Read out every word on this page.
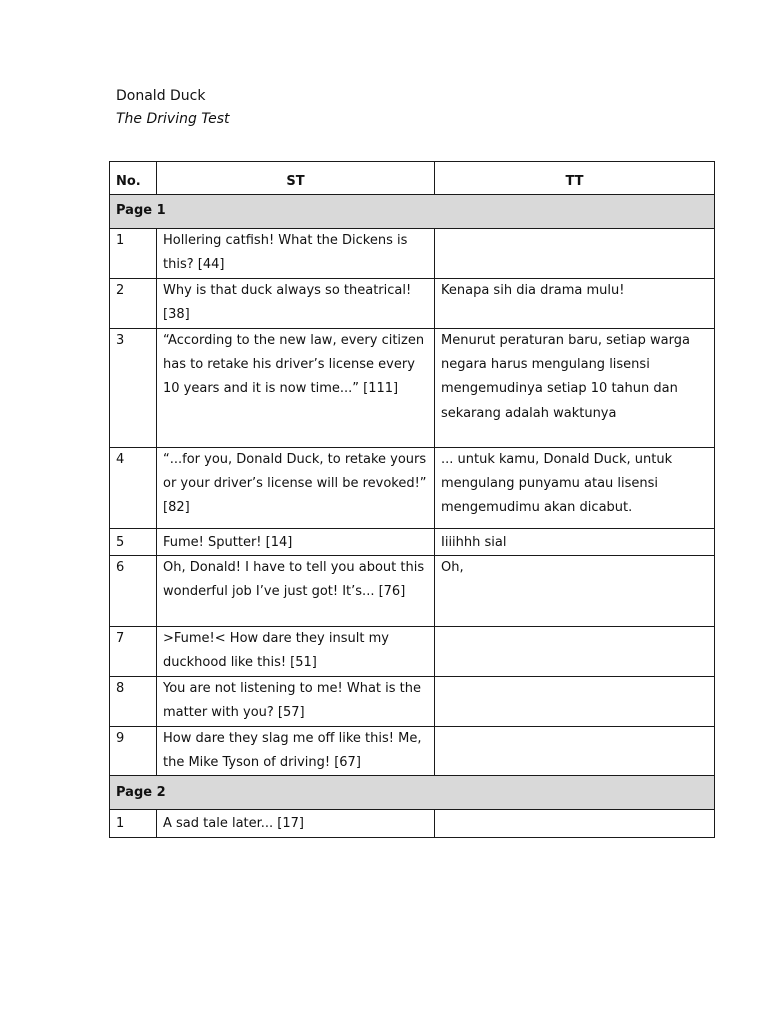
Donald Duck

The Driving Test

No.	ST	TT
Page 1		
1	Hollering catfish! What the Dickens is this? [44]	
2	Why is that duck always so theatrical! [38]	Kenapa sih dia drama mulu!
3	“According to the new law, every citizen has to retake his driver’s license every 10 years and it is now time...” [111]	Menurut peraturan baru, setiap warga negara harus mengulang lisensi mengemudinya setiap 10 tahun dan sekarang adalah waktunya
4	“...for you, Donald Duck, to retake yours or your driver’s license will be revoked!” [82]	... untuk kamu, Donald Duck, untuk mengulang punyamu atau lisensi mengemudimu akan dicabut.
5	Fume! Sputter! [14]	Iiiihhh sial
6	Oh, Donald! I have to tell you about this wonderful job I’ve just got! It’s... [76]	Oh,
7	>Fume!< How dare they insult my duckhood like this! [51]	
8	You are not listening to me! What is the matter with you? [57]	
9	How dare they slag me off like this! Me, the Mike Tyson of driving! [67]	
Page 2		
1	A sad tale later... [17]	
